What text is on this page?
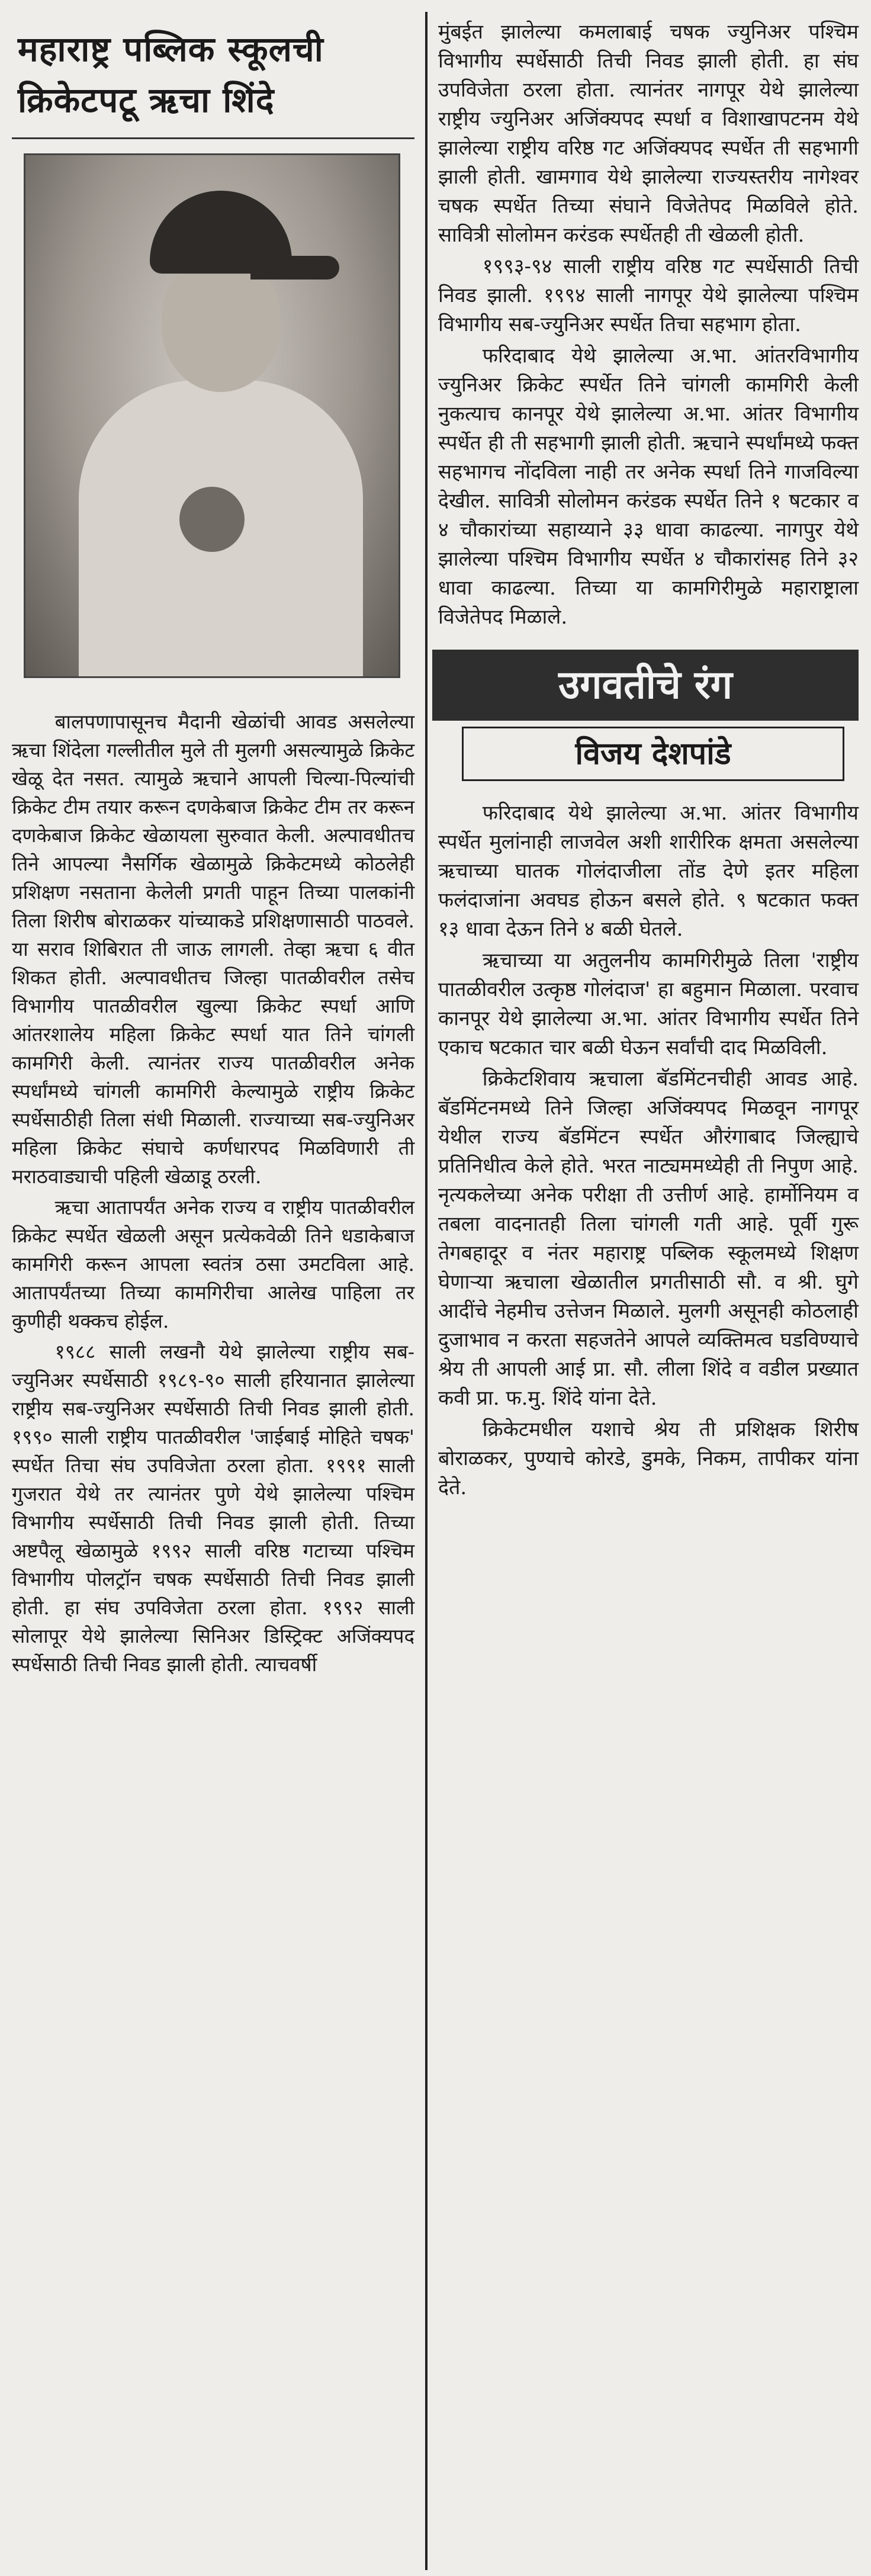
महाराष्ट्र पब्लिक स्कूलची
क्रिकेटपटू ऋचा शिंदे

बालपणापासूनच मैदानी खेळांची आवड असलेल्या ऋचा शिंदेला गल्लीतील मुले ती मुलगी असल्यामुळे क्रिकेट खेळू देत नसत. त्यामुळे ऋचाने आपली चिल्या-पिल्यांची क्रिकेट टीम तयार करून दणकेबाज क्रिकेट टीम तर करून दणकेबाज क्रिकेट खेळायला सुरुवात केली. अल्पावधीतच तिने आपल्या नैसर्गिक खेळामुळे क्रिकेटमध्ये कोठलेही प्रशिक्षण नसताना केलेली प्रगती पाहून तिच्या पालकांनी तिला शिरीष बोराळकर यांच्याकडे प्रशिक्षणासाठी पाठवले. या सराव शिबिरात ती जाऊ लागली. तेव्हा ऋचा ६ वीत शिकत होती. अल्पावधीतच जिल्हा पातळीवरील तसेच विभागीय पातळीवरील खुल्या क्रिकेट स्पर्धा आणि आंतरशालेय महिला क्रिकेट स्पर्धा यात तिने चांगली कामगिरी केली. त्यानंतर राज्य पातळीवरील अनेक स्पर्धांमध्ये चांगली कामगिरी केल्यामुळे राष्ट्रीय क्रिकेट स्पर्धेसाठीही तिला संधी मिळाली. राज्याच्या सब-ज्युनिअर महिला क्रिकेट संघाचे कर्णधारपद मिळविणारी ती मराठवाड्याची पहिली खेळाडू ठरली.

ऋचा आतापर्यंत अनेक राज्य व राष्ट्रीय पातळीवरील क्रिकेट स्पर्धेत खेळली असून प्रत्येकवेळी तिने धडाकेबाज कामगिरी करून आपला स्वतंत्र ठसा उमटविला आहे. आतापर्यंतच्या तिच्या कामगिरीचा आलेख पाहिला तर कुणीही थक्कच होईल.

१९८८ साली लखनौ येथे झालेल्या राष्ट्रीय सब-ज्युनिअर स्पर्धेसाठी १९८९-९० साली हरियानात झालेल्या राष्ट्रीय सब-ज्युनिअर स्पर्धेसाठी तिची निवड झाली होती. १९९० साली राष्ट्रीय पातळीवरील 'जाईबाई मोहिते चषक' स्पर्धेत तिचा संघ उपविजेता ठरला होता. १९९१ साली गुजरात येथे तर त्यानंतर पुणे येथे झालेल्या पश्चिम विभागीय स्पर्धेसाठी तिची निवड झाली होती. तिच्या अष्टपैलू खेळामुळे १९९२ साली वरिष्ठ गटाच्या पश्चिम विभागीय पोलट्रॉन चषक स्पर्धेसाठी तिची निवड झाली होती. हा संघ उपविजेता ठरला होता. १९९२ साली सोलापूर येथे झालेल्या सिनिअर डिस्ट्रिक्ट अजिंक्यपद स्पर्धेसाठी तिची निवड झाली होती. त्याचवर्षी

मुंबईत झालेल्या कमलाबाई चषक ज्युनिअर पश्चिम विभागीय स्पर्धेसाठी तिची निवड झाली होती. हा संघ उपविजेता ठरला होता. त्यानंतर नागपूर येथे झालेल्या राष्ट्रीय ज्युनिअर अजिंक्यपद स्पर्धा व विशाखापटनम येथे झालेल्या राष्ट्रीय वरिष्ठ गट अजिंक्यपद स्पर्धेत ती सहभागी झाली होती. खामगाव येथे झालेल्या राज्यस्तरीय नागेश्वर चषक स्पर्धेत तिच्या संघाने विजेतेपद मिळविले होते. सावित्री सोलोमन करंडक स्पर्धेतही ती खेळली होती.

१९९३-९४ साली राष्ट्रीय वरिष्ठ गट स्पर्धेसाठी तिची निवड झाली. १९९४ साली नागपूर येथे झालेल्या पश्चिम विभागीय सब-ज्युनिअर स्पर्धेत तिचा सहभाग होता.

फरिदाबाद येथे झालेल्या अ.भा. आंतरविभागीय ज्युनिअर क्रिकेट स्पर्धेत तिने चांगली कामगिरी केली नुकत्याच कानपूर येथे झालेल्या अ.भा. आंतर विभागीय स्पर्धेत ही ती सहभागी झाली होती. ऋचाने स्पर्धांमध्ये फक्त सहभागच नोंदविला नाही तर अनेक स्पर्धा तिने गाजविल्या देखील. सावित्री सोलोमन करंडक स्पर्धेत तिने १ षटकार व ४ चौकारांच्या सहाय्याने ३३ धावा काढल्या. नागपुर येथे झालेल्या पश्चिम विभागीय स्पर्धेत ४ चौकारांसह तिने ३२ धावा काढल्या. तिच्या या कामगिरीमुळे महाराष्ट्राला विजेतेपद मिळाले.

उगवतीचे रंग
विजय देशपांडे

फरिदाबाद येथे झालेल्या अ.भा. आंतर विभागीय स्पर्धेत मुलांनाही लाजवेल अशी शारीरिक क्षमता असलेल्या ऋचाच्या घातक गोलंदाजीला तोंड देणे इतर महिला फलंदाजांना अवघड होऊन बसले होते. ९ षटकात फक्त १३ धावा देऊन तिने ४ बळी घेतले.

ऋचाच्या या अतुलनीय कामगिरीमुळे तिला 'राष्ट्रीय पातळीवरील उत्कृष्ठ गोलंदाज' हा बहुमान मिळाला. परवाच कानपूर येथे झालेल्या अ.भा. आंतर विभागीय स्पर्धेत तिने एकाच षटकात चार बळी घेऊन सर्वांची दाद मिळविली.

क्रिकेटशिवाय ऋचाला बॅडमिंटनचीही आवड आहे. बॅडमिंटनमध्ये तिने जिल्हा अजिंक्यपद मिळवून नागपूर येथील राज्य बॅडमिंटन स्पर्धेत औरंगाबाद जिल्ह्याचे प्रतिनिधीत्व केले होते. भरत नाट्यममध्येही ती निपुण आहे. नृत्यकलेच्या अनेक परीक्षा ती उत्तीर्ण आहे. हार्मोनियम व तबला वादनातही तिला चांगली गती आहे. पूर्वी गुरू तेगबहादूर व नंतर महाराष्ट्र पब्लिक स्कूलमध्ये शिक्षण घेणाऱ्या ऋचाला खेळातील प्रगतीसाठी सौ. व श्री. घुगे आदींचे नेहमीच उत्तेजन मिळाले. मुलगी असूनही कोठलाही दुजाभाव न करता सहजतेने आपले व्यक्तिमत्व घडविण्याचे श्रेय ती आपली आई प्रा. सौ. लीला शिंदे व वडील प्रख्यात कवी प्रा. फ.मु. शिंदे यांना देते.

क्रिकेटमधील यशाचे श्रेय ती प्रशिक्षक शिरीष बोराळकर, पुण्याचे कोरडे, डुमके, निकम, तापीकर यांना देते.
